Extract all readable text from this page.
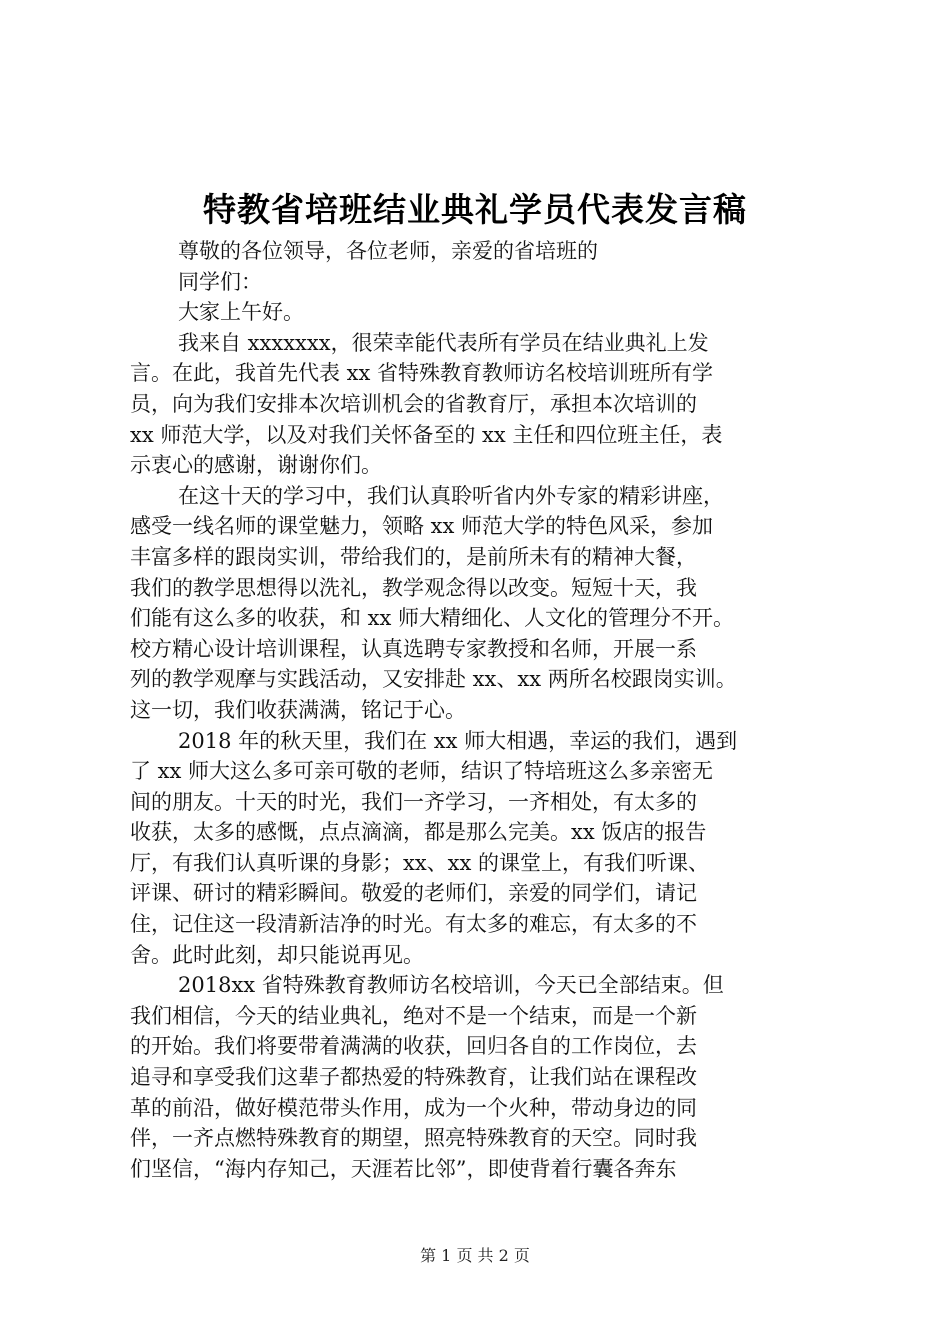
特教省培班结业典礼学员代表发言稿
尊敬的各位领导，各位老师，亲爱的省培班的
同学们：
大家上午好。
我来自 xxxxxxx，很荣幸能代表所有学员在结业典礼上发
言。在此，我首先代表 xx 省特殊教育教师访名校培训班所有学
员，向为我们安排本次培训机会的省教育厅，承担本次培训的
xx 师范大学，以及对我们关怀备至的 xx 主任和四位班主任，表
示衷心的感谢，谢谢你们。
在这十天的学习中，我们认真聆听省内外专家的精彩讲座，
感受一线名师的课堂魅力，领略 xx 师范大学的特色风采，参加
丰富多样的跟岗实训，带给我们的，是前所未有的精神大餐，
我们的教学思想得以洗礼，教学观念得以改变。短短十天，我
们能有这么多的收获，和 xx 师大精细化、人文化的管理分不开。
校方精心设计培训课程，认真选聘专家教授和名师，开展一系
列的教学观摩与实践活动，又安排赴 xx、xx 两所名校跟岗实训。
这一切，我们收获满满，铭记于心。
2018 年的秋天里，我们在 xx 师大相遇，幸运的我们，遇到
了 xx 师大这么多可亲可敬的老师，结识了特培班这么多亲密无
间的朋友。十天的时光，我们一齐学习，一齐相处，有太多的
收获，太多的感慨，点点滴滴，都是那么完美。xx 饭店的报告
厅，有我们认真听课的身影；xx、xx 的课堂上，有我们听课、
评课、研讨的精彩瞬间。敬爱的老师们，亲爱的同学们，请记
住，记住这一段清新洁净的时光。有太多的难忘，有太多的不
舍。此时此刻，却只能说再见。
2018xx 省特殊教育教师访名校培训，今天已全部结束。但
我们相信，今天的结业典礼，绝对不是一个结束，而是一个新
的开始。我们将要带着满满的收获，回归各自的工作岗位，去
追寻和享受我们这辈子都热爱的特殊教育，让我们站在课程改
革的前沿，做好模范带头作用，成为一个火种，带动身边的同
伴，一齐点燃特殊教育的期望，照亮特殊教育的天空。同时我
们坚信，“海内存知己，天涯若比邻”，即使背着行囊各奔东
第 1 页 共 2 页
